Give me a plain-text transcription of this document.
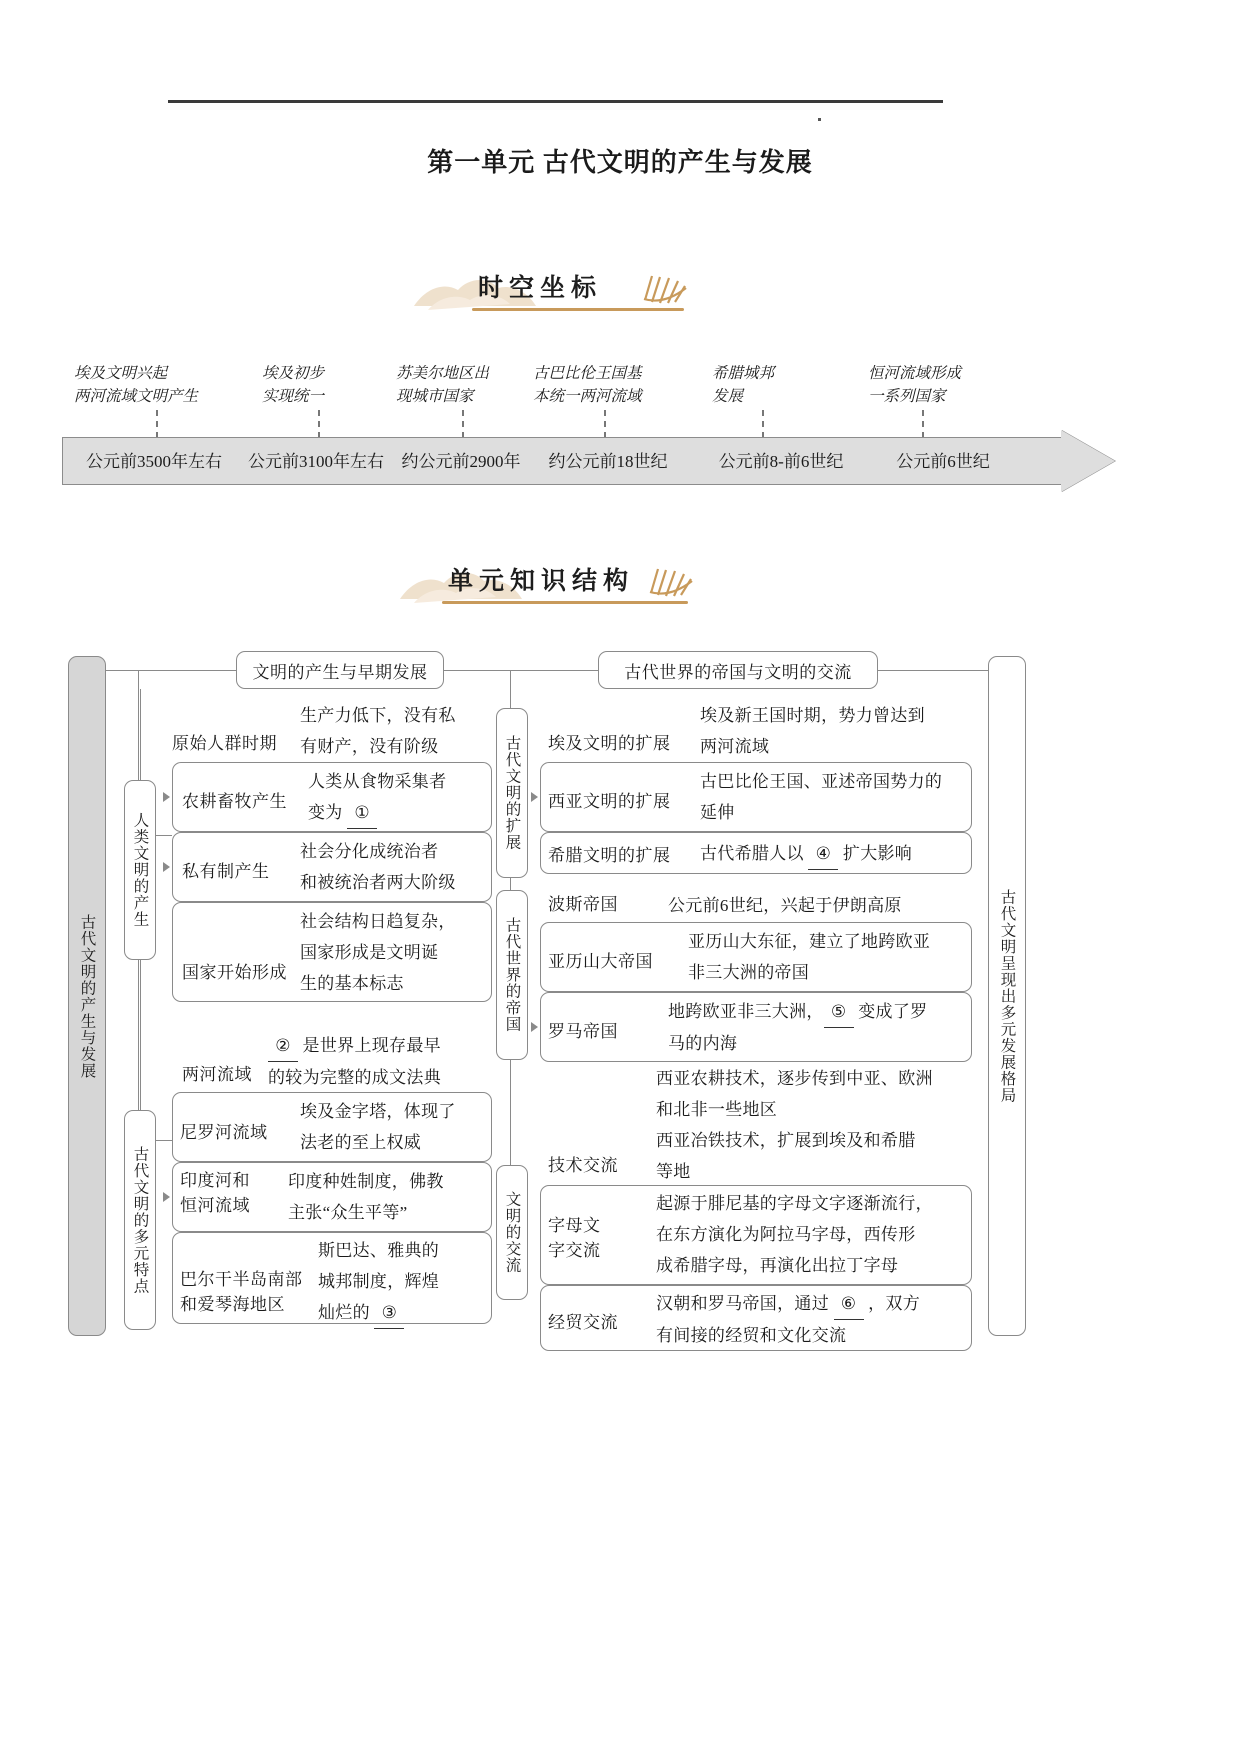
第一单元 古代文明的产生与发展
时空坐标
埃及文明兴起
两河流域文明产生
埃及初步
实现统一
苏美尔地区出
现城市国家
古巴比伦王国基
本统一两河流域
希腊城邦
发展
恒河流域形成
一系列国家
公元前3500年左右	公元前3100年左右	约公元前2900年	约公元前18世纪	公元前8-前6世纪	公元前6世纪
单元知识结构
古代文明的产生与发展	古代文明呈现出多元发展格局
文明的产生与早期发展
人类文明的产生
古代文明的多元特点
原始人群时期
生产力低下，没有私
有财产，没有阶级
农耕畜牧产生
人类从食物采集者
变为 ①
私有制产生
社会分化成统治者
和被统治者两大阶级
国家开始形成
社会结构日趋复杂，
国家形成是文明诞
生的基本标志
两河流域
② 是世界上现存最早
的较为完整的成文法典
尼罗河流域
埃及金字塔，体现了
法老的至上权威
印度河和
恒河流域
印度种姓制度，佛教
主张“众生平等”
巴尔干半岛南部
和爱琴海地区
斯巴达、雅典的
城邦制度，辉煌
灿烂的 ③
古代世界的帝国与文明的交流
古代文明的扩展
古代世界的帝国
文明的交流
埃及文明的扩展
埃及新王国时期，势力曾达到
两河流域
西亚文明的扩展
古巴比伦王国、亚述帝国势力的
延伸
希腊文明的扩展 古代希腊人以 ④ 扩大影响
波斯帝国	公元前6世纪，兴起于伊朗高原
亚历山大帝国
亚历山大东征，建立了地跨欧亚
非三大洲的帝国
罗马帝国
地跨欧亚非三大洲， ⑤ 变成了罗
马的内海
技术交流
西亚农耕技术，逐步传到中亚、欧洲
和北非一些地区
西亚冶铁技术，扩展到埃及和希腊
等地
字母文
字交流
起源于腓尼基的字母文字逐渐流行，
在东方演化为阿拉马字母，西传形
成希腊字母，再演化出拉丁字母
经贸交流
汉朝和罗马帝国，通过 ⑥ ，双方
有间接的经贸和文化交流
